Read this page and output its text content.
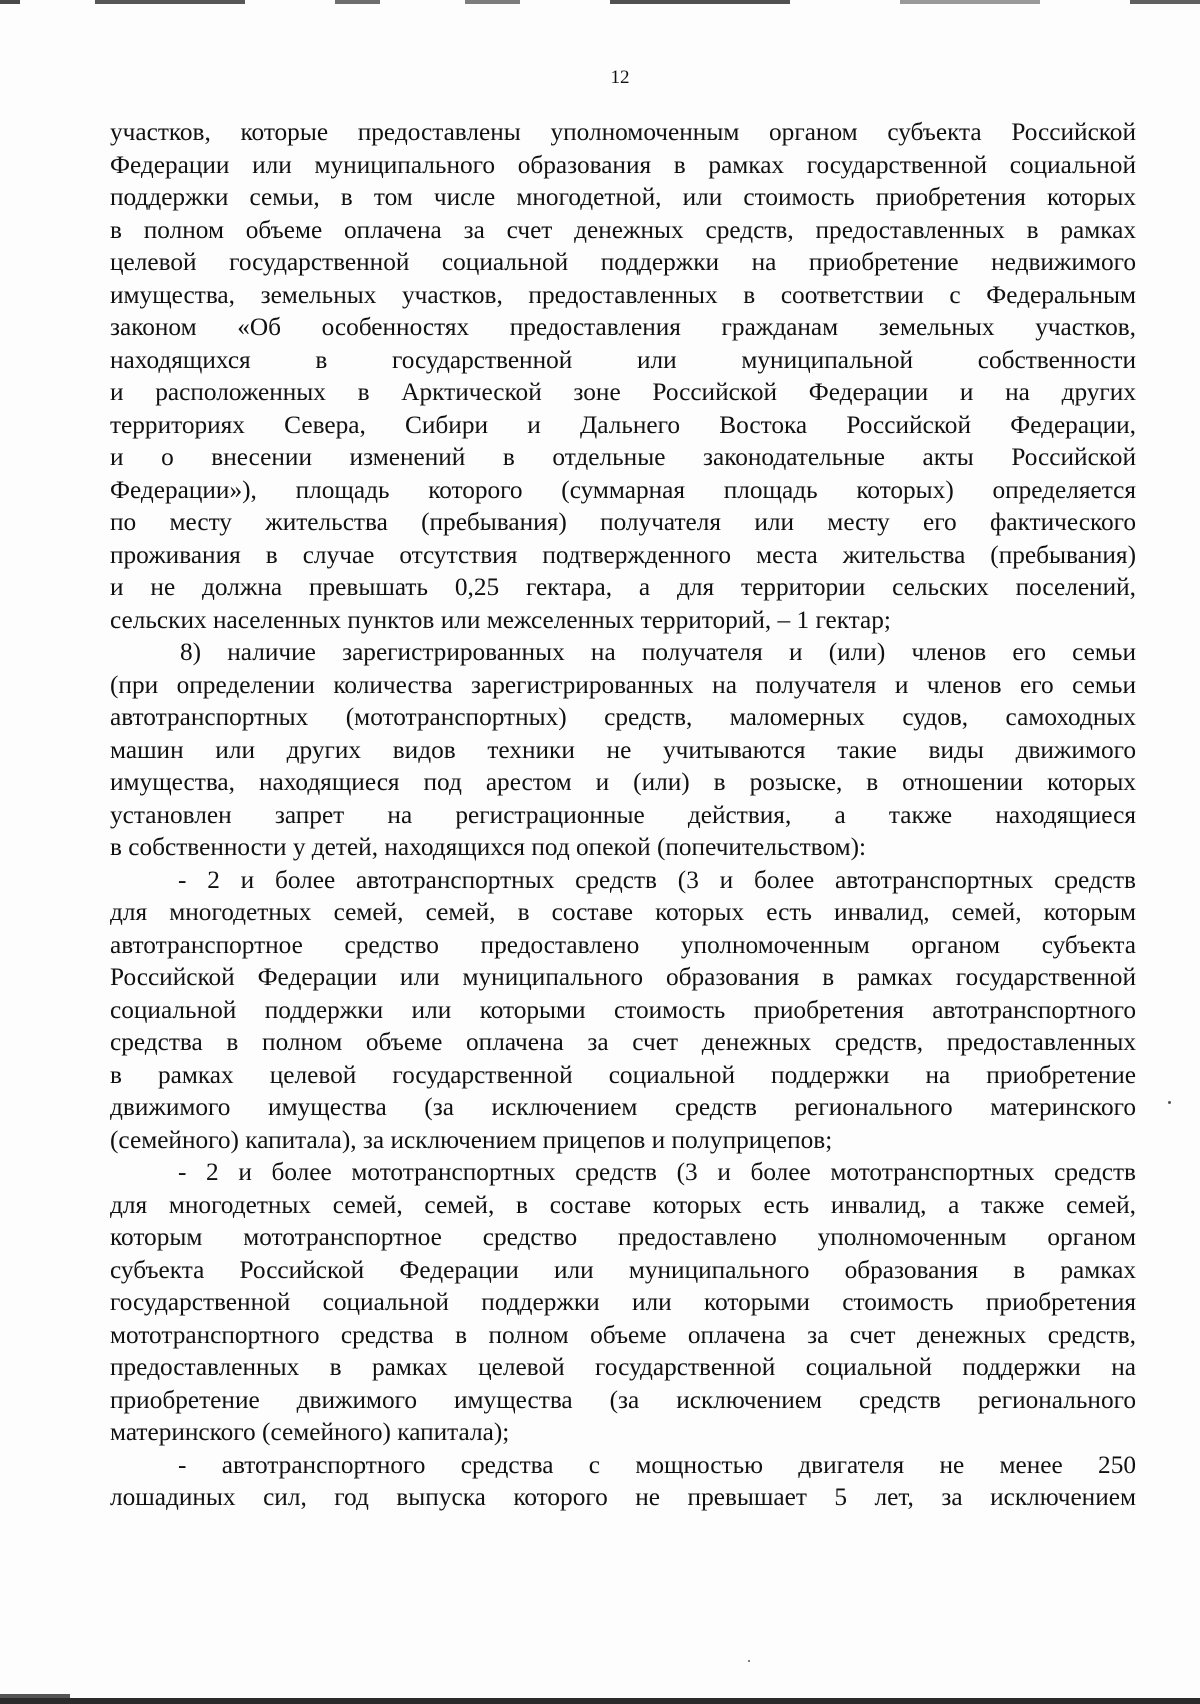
12
участков, которые предоставлены уполномоченным органом субъекта Российской
Федерации или муниципального образования в рамках государственной социальной
поддержки семьи, в том числе многодетной, или стоимость приобретения которых
в полном объеме оплачена за счет денежных средств, предоставленных в рамках
целевой государственной социальной поддержки на приобретение недвижимого
имущества, земельных участков, предоставленных в соответствии с Федеральным
законом «Об особенностях предоставления гражданам земельных участков,
находящихся в государственной или муниципальной собственности
и расположенных в Арктической зоне Российской Федерации и на других
территориях Севера, Сибири и Дальнего Востока Российской Федерации,
и о внесении изменений в отдельные законодательные акты Российской
Федерации»), площадь которого (суммарная площадь которых) определяется
по месту жительства (пребывания) получателя или месту его фактического
проживания в случае отсутствия подтвержденного места жительства (пребывания)
и не должна превышать 0,25 гектара, а для территории сельских поселений,
сельских населенных пунктов или межселенных территорий, – 1 гектар;
8) наличие зарегистрированных на получателя и (или) членов его семьи
(при определении количества зарегистрированных на получателя и членов его семьи
автотранспортных (мототранспортных) средств, маломерных судов, самоходных
машин или других видов техники не учитываются такие виды движимого
имущества, находящиеся под арестом и (или) в розыске, в отношении которых
установлен запрет на регистрационные действия, а также находящиеся
в собственности у детей, находящихся под опекой (попечительством):
- 2 и более автотранспортных средств (3 и более автотранспортных средств
для многодетных семей, семей, в составе которых есть инвалид, семей, которым
автотранспортное средство предоставлено уполномоченным органом субъекта
Российской Федерации или муниципального образования в рамках государственной
социальной поддержки или которыми стоимость приобретения автотранспортного
средства в полном объеме оплачена за счет денежных средств, предоставленных
в рамках целевой государственной социальной поддержки на приобретение
движимого имущества (за исключением средств регионального материнского
(семейного) капитала), за исключением прицепов и полуприцепов;
- 2 и более мототранспортных средств (3 и более мототранспортных средств
для многодетных семей, семей, в составе которых есть инвалид, а также семей,
которым мототранспортное средство предоставлено уполномоченным органом
субъекта Российской Федерации или муниципального образования в рамках
государственной социальной поддержки или которыми стоимость приобретения
мототранспортного средства в полном объеме оплачена за счет денежных средств,
предоставленных в рамках целевой государственной социальной поддержки на
приобретение движимого имущества (за исключением средств регионального
материнского (семейного) капитала);
- автотранспортного средства с мощностью двигателя не менее 250
лошадиных сил, год выпуска которого не превышает 5 лет, за исключением
